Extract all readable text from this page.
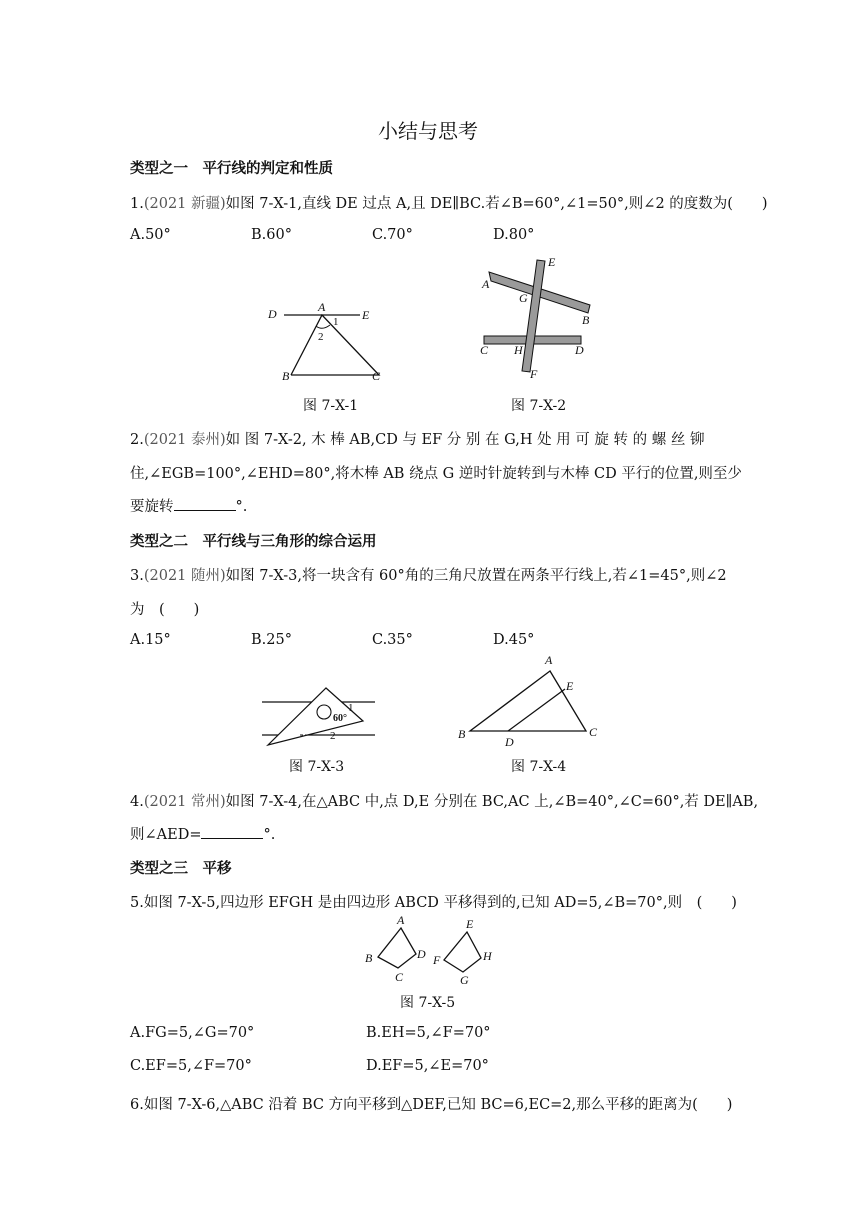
小结与思考
类型之一　平行线的判定和性质
1.(2021 新疆)如图 7-X-1,直线 DE 过点 A,且 DE∥BC.若∠B=60°,∠1=50°,则∠2 的度数为(　　)
A.50°	B.60°	C.70°	D.80°
D	A
E
1
2
B	C
E
A
G
B
C H	D
F
图 7-X-1	图 7-X-2
2.(2021 泰州)如 图 7-X-2, 木 棒 AB,CD 与 EF 分 别 在 G,H 处 用 可 旋 转 的 螺 丝 铆
住,∠EGB=100°,∠EHD=80°,将木棒 AB 绕点 G 逆时针旋转到与木棒 CD 平行的位置,则至少
要旋转	°.
类型之二　平行线与三角形的综合运用
3.(2021 随州)如图 7-X-3,将一块含有 60°角的三角尺放置在两条平行线上,若∠1=45°,则∠2
为　(　　)
A.15°	B.25°	C.35°	D.45°
1
60°
2
A
E
B
D
C
图 7-X-3	图 7-X-4
4.(2021 常州)如图 7-X-4,在△ABC 中,点 D,E 分别在 BC,AC 上,∠B=40°,∠C=60°,若 DE∥AB,
则∠AED=	°.
类型之三　平移
5.如图 7-X-5,四边形 EFGH 是由四边形 ABCD 平移得到的,已知 AD=5,∠B=70°,则　(　　)
A
B	D
C
E
F	H
G
图 7-X-5
A.FG=5,∠G=70°	B.EH=5,∠F=70°
C.EF=5,∠F=70°	D.EF=5,∠E=70°
6.如图 7-X-6,△ABC 沿着 BC 方向平移到△DEF,已知 BC=6,EC=2,那么平移的距离为(　　)
